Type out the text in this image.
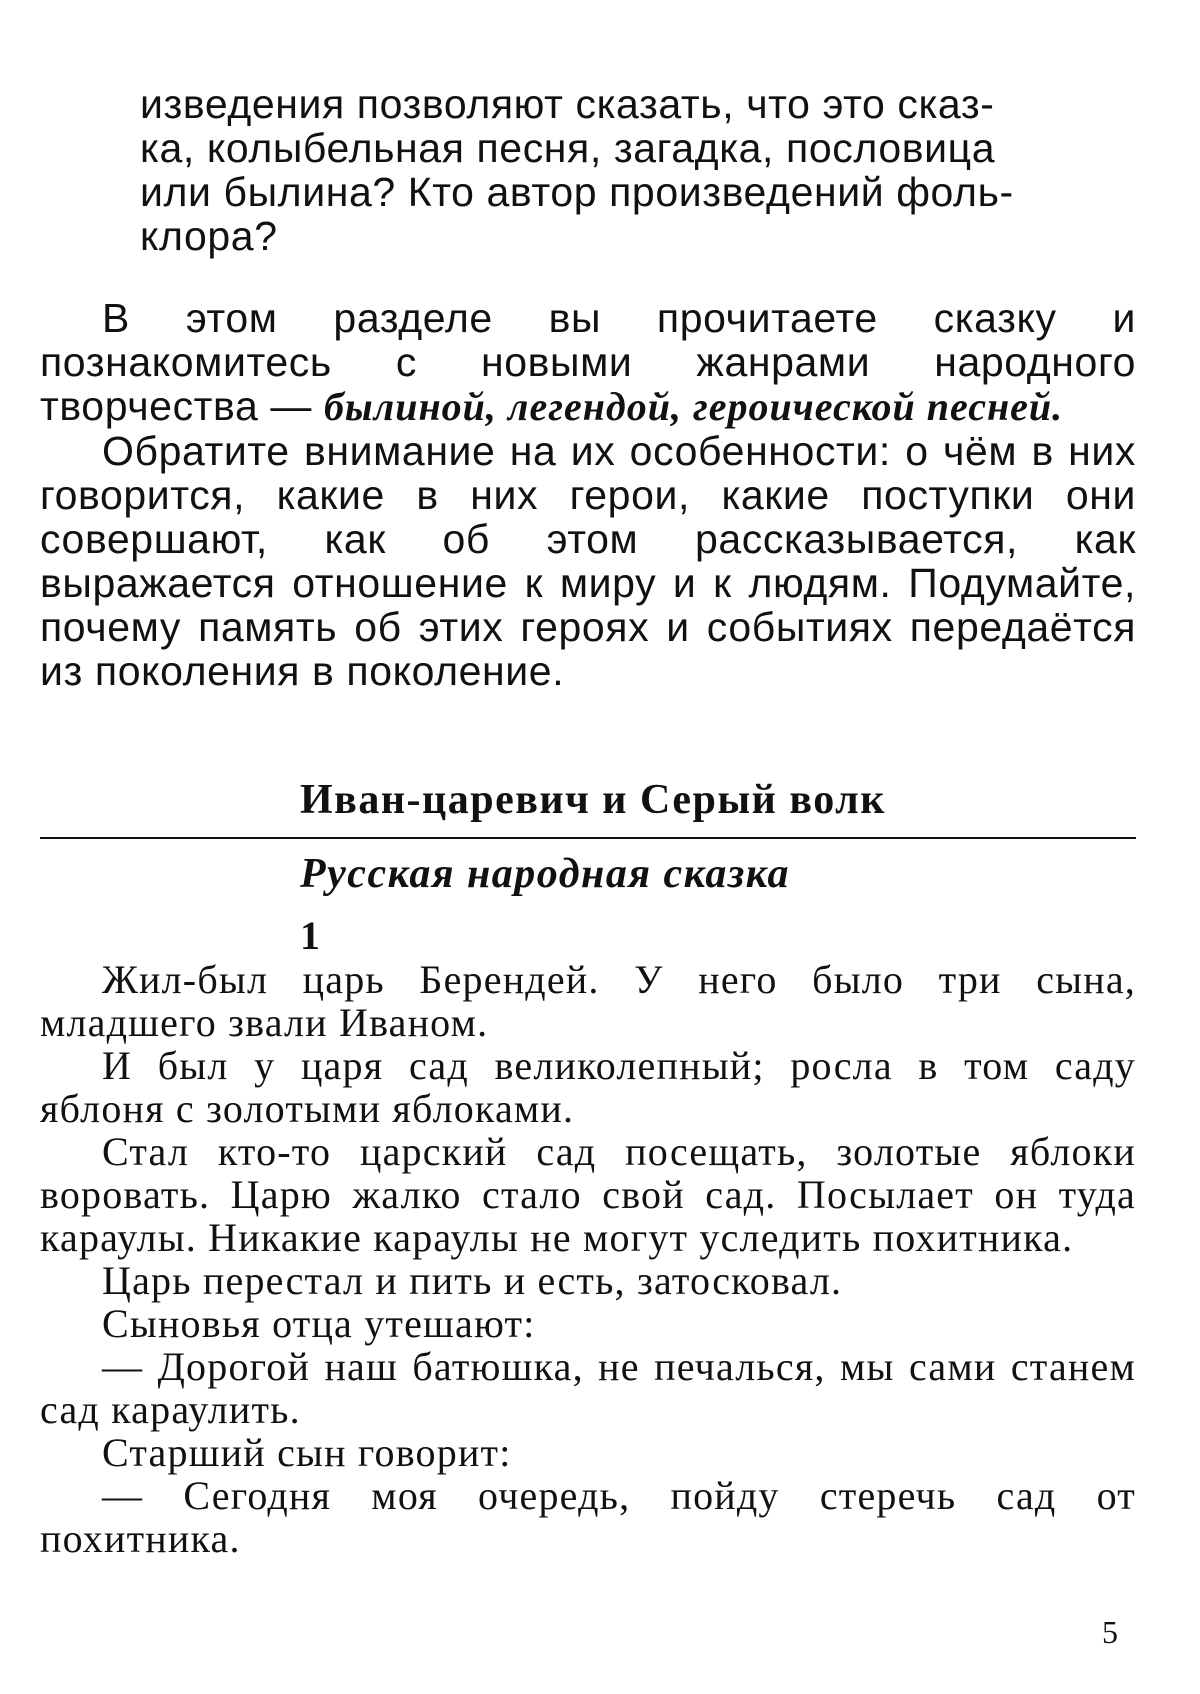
изведения позволяют сказать, что это сказ-

ка, колыбельная песня, загадка, пословица

или былина? Кто автор произведений фоль-

клора?

В этом разделе вы прочитаете сказку и познакомитесь с новыми жанрами народного творчества — былиной, легендой, героической песней.

Обратите внимание на их особенности: о чём в них говорится, какие в них герои, какие поступки они совершают, как об этом рассказывается, как выражается отношение к миру и к людям. Подумайте, почему память об этих героях и событиях передаётся из поколения в поколение.

Иван-царевич и Серый волк
Русская народная сказка
1

Жил-был царь Берендей. У него было три сына, младшего звали Иваном.

И был у царя сад великолепный; росла в том саду яблоня с золотыми яблоками.

Стал кто-то царский сад посещать, золотые яблоки воровать. Царю жалко стало свой сад. Посылает он туда караулы. Никакие караулы не могут уследить похитника.

Царь перестал и пить и есть, затосковал.

Сыновья отца утешают:

— Дорогой наш батюшка, не печалься, мы сами станем сад караулить.

Старший сын говорит:

— Сегодня моя очередь, пойду стеречь сад от похитника.

5
